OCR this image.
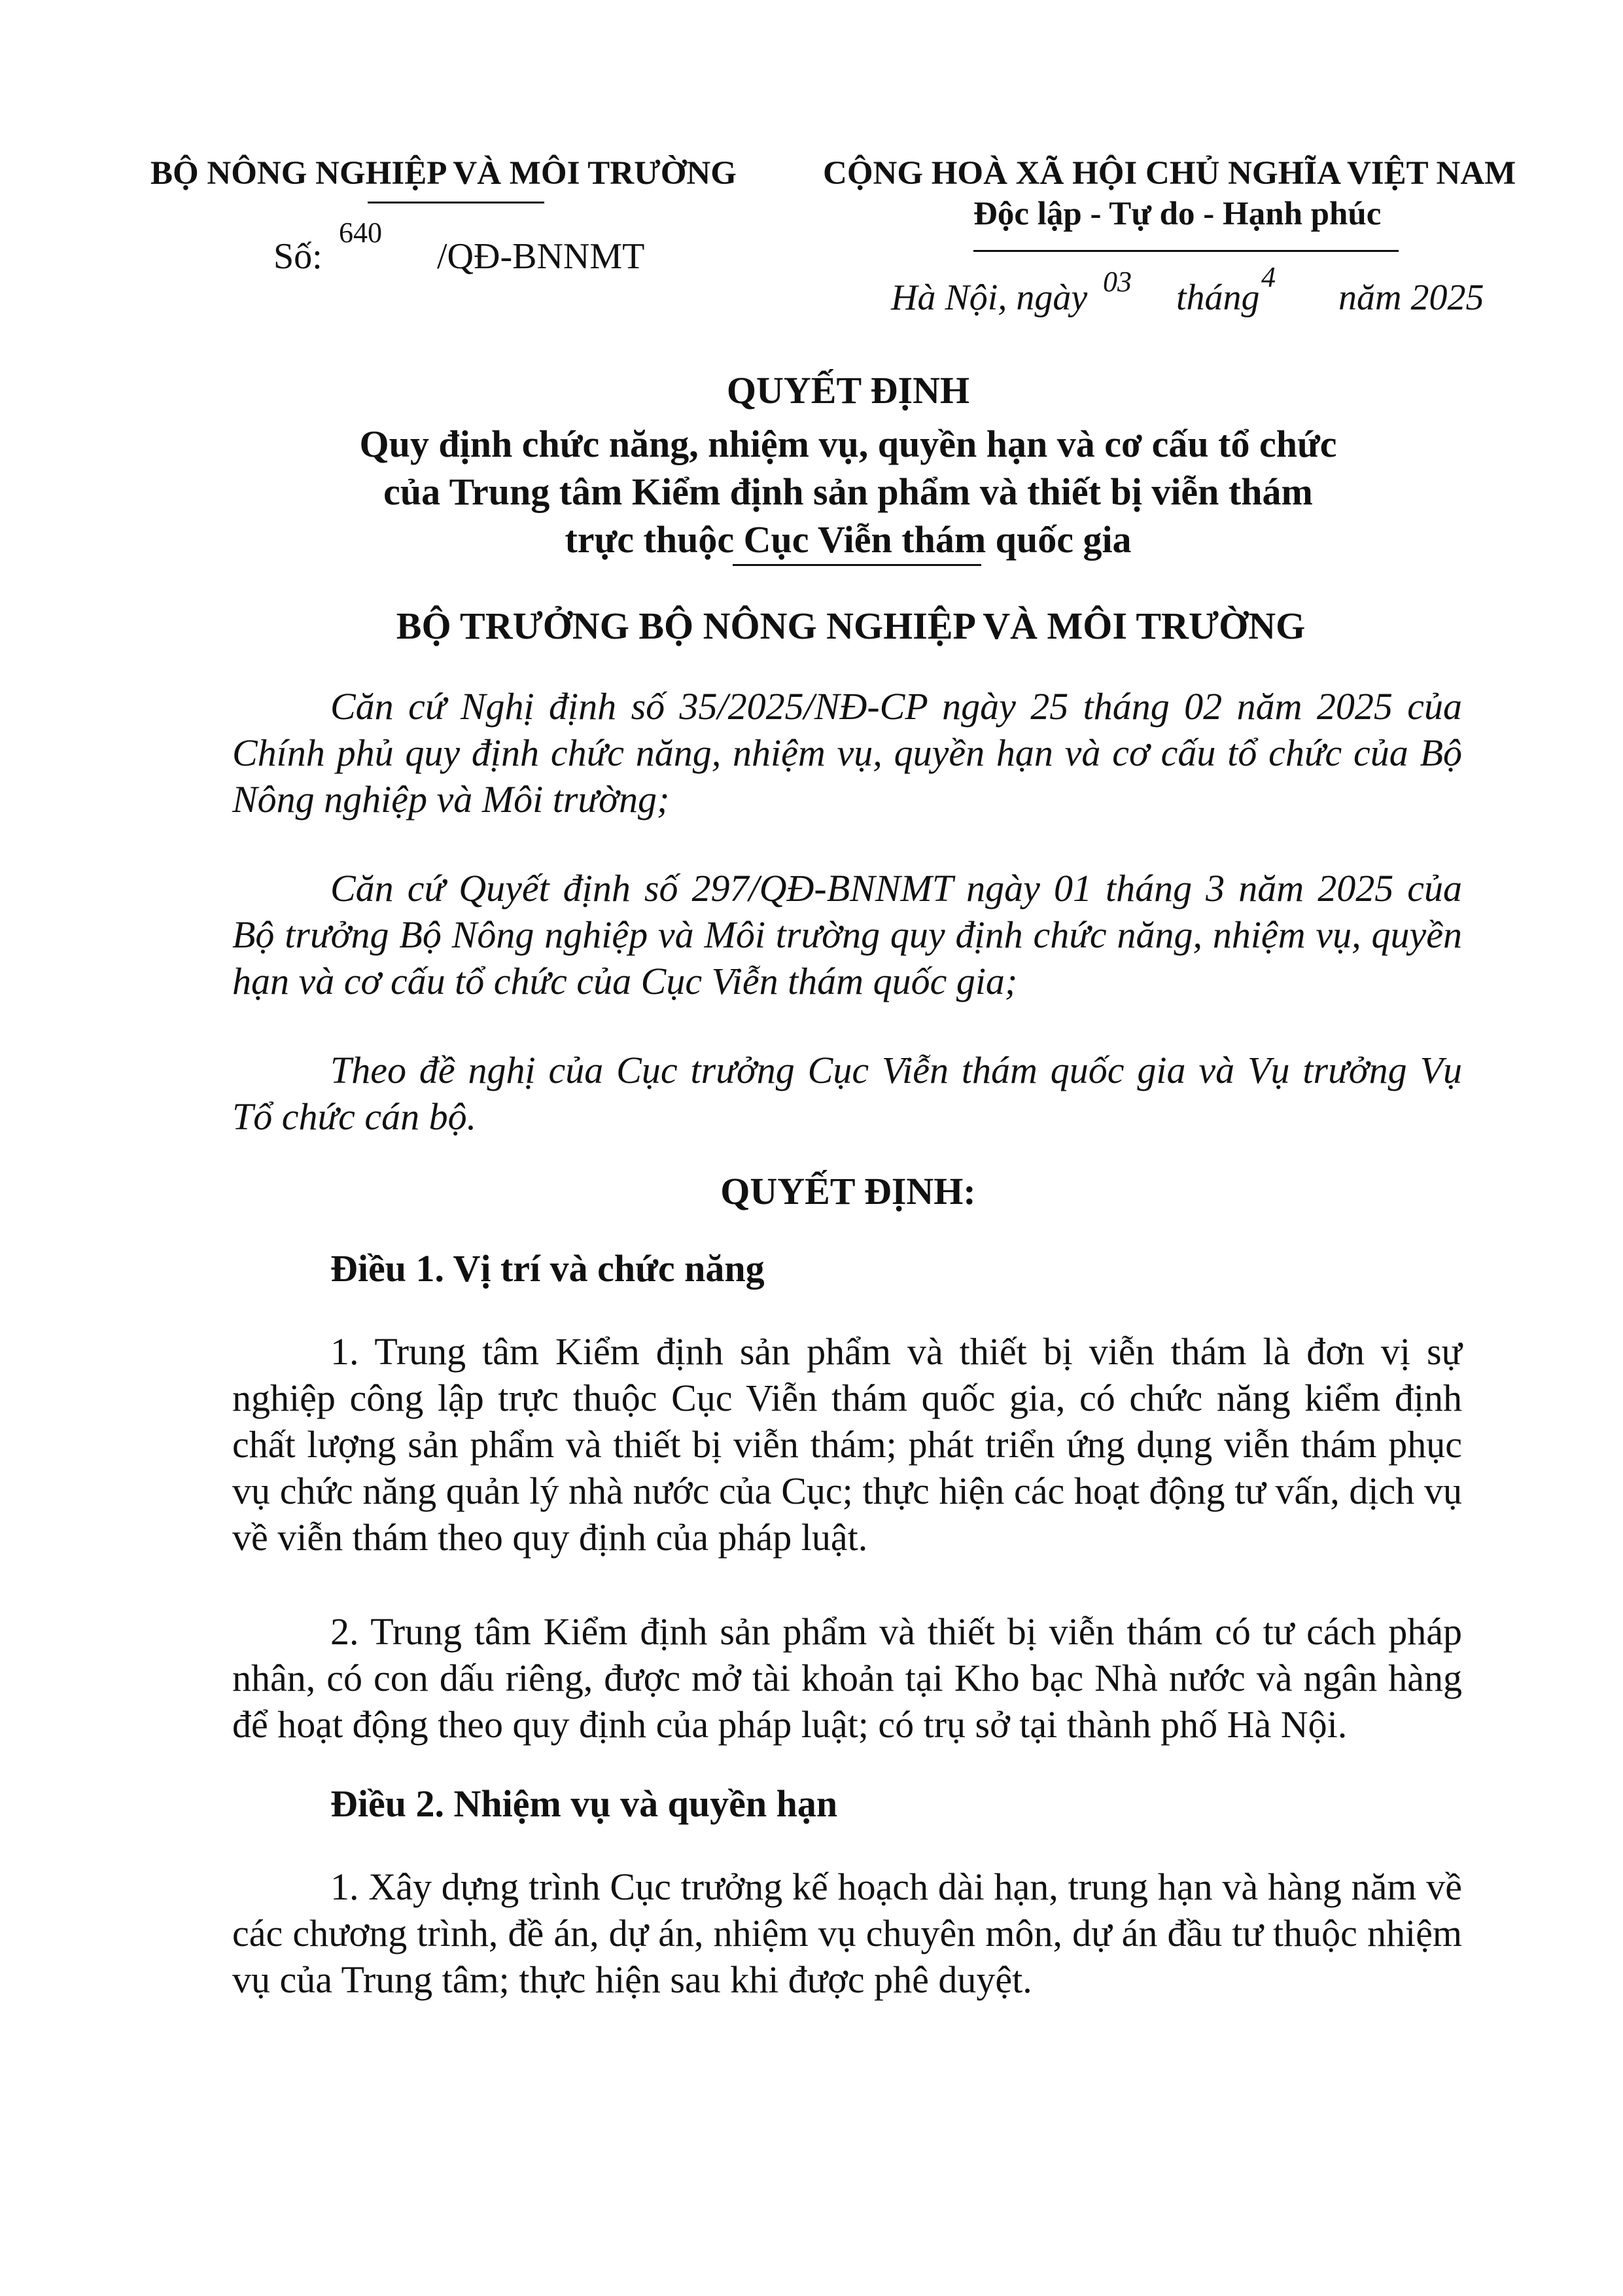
BỘ NÔNG NGHIỆP VÀ MÔI TRƯỜNG
Số:
640
/QĐ-BNNMT
CỘNG HOÀ XÃ HỘI CHỦ NGHĨA VIỆT NAM
Độc lập - Tự do - Hạnh phúc
Hà Nội, ngày 03 tháng
4
năm 2025
QUYẾT ĐỊNH
Quy định chức năng, nhiệm vụ, quyền hạn và cơ cấu tổ chức
của Trung tâm Kiểm định sản phẩm và thiết bị viễn thám
trực thuộc Cục Viễn thám quốc gia
BỘ TRƯỞNG BỘ NÔNG NGHIỆP VÀ MÔI TRƯỜNG

Căn cứ Nghị định số 35/2025/NĐ-CP ngày 25 tháng 02 năm 2025 của Chính phủ quy định chức năng, nhiệm vụ, quyền hạn và cơ cấu tổ chức của Bộ Nông nghiệp và Môi trường;

Căn cứ Quyết định số 297/QĐ-BNNMT ngày 01 tháng 3 năm 2025 của Bộ trưởng Bộ Nông nghiệp và Môi trường quy định chức năng, nhiệm vụ, quyền hạn và cơ cấu tổ chức của Cục Viễn thám quốc gia;

Theo đề nghị của Cục trưởng Cục Viễn thám quốc gia và Vụ trưởng Vụ Tổ chức cán bộ.

QUYẾT ĐỊNH:
Điều 1. Vị trí và chức năng

1. Trung tâm Kiểm định sản phẩm và thiết bị viễn thám là đơn vị sự nghiệp công lập trực thuộc Cục Viễn thám quốc gia, có chức năng kiểm định chất lượng sản phẩm và thiết bị viễn thám; phát triển ứng dụng viễn thám phục vụ chức năng quản lý nhà nước của Cục; thực hiện các hoạt động tư vấn, dịch vụ về viễn thám theo quy định của pháp luật.

2. Trung tâm Kiểm định sản phẩm và thiết bị viễn thám có tư cách pháp nhân, có con dấu riêng, được mở tài khoản tại Kho bạc Nhà nước và ngân hàng để hoạt động theo quy định của pháp luật; có trụ sở tại thành phố Hà Nội.

Điều 2. Nhiệm vụ và quyền hạn

1. Xây dựng trình Cục trưởng kế hoạch dài hạn, trung hạn và hàng năm về các chương trình, đề án, dự án, nhiệm vụ chuyên môn, dự án đầu tư thuộc nhiệm vụ của Trung tâm; thực hiện sau khi được phê duyệt.
